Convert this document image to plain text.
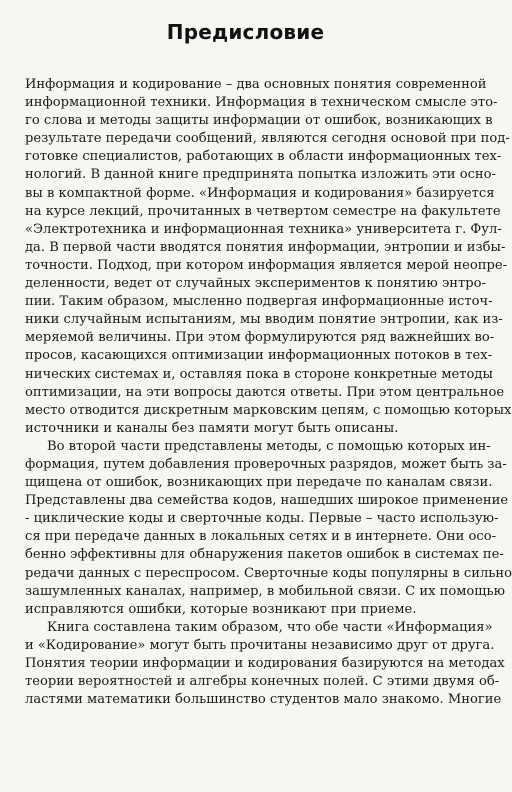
Предисловие
Информация и кодирование – два основных понятия современной
информационной техники. Информация в техническом смысле это-
го слова и методы защиты информации от ошибок, возникающих в
результате передачи сообщений, являются сегодня основой при под-
готовке специалистов, работающих в области информационных тех-
нологий. В данной книге предпринята попытка изложить эти осно-
вы в компактной форме. «Информация и кодирования» базируется
на курсе лекций, прочитанных в четвертом семестре на факультете
«Электротехника и информационная техника» университета г. Фул-
да. В первой части вводятся понятия информации, энтропии и избы-
точности. Подход, при котором информация является мерой неопре-
деленности, ведет от случайных экспериментов к понятию энтро-
пии. Таким образом, мысленно подвергая информационные источ-
ники случайным испытаниям, мы вводим понятие энтропии, как из-
меряемой величины. При этом формулируются ряд важнейших во-
просов, касающихся оптимизации информационных потоков в тех-
нических системах и, оставляя пока в стороне конкретные методы
оптимизации, на эти вопросы даются ответы. При этом центральное
место отводится дискретным марковским цепям, с помощью которых
источники и каналы без памяти могут быть описаны.
Во второй части представлены методы, с помощью которых ин-
формация, путем добавления проверочных разрядов, может быть за-
щищена от ошибок, возникающих при передаче по каналам связи.
Представлены два семейства кодов, нашедших широкое применение
- циклические коды и сверточные коды. Первые – часто использую-
ся при передаче данных в локальных сетях и в интернете. Они осо-
бенно эффективны для обнаружения пакетов ошибок в системах пе-
редачи данных с переспросом. Сверточные коды популярны в сильно
зашумленных каналах, например, в мобильной связи. С их помощью
исправляются ошибки, которые возникают при приеме.
Книга составлена таким образом, что обе части «Информация»
и «Кодирование» могут быть прочитаны независимо друг от друга.
Понятия теории информации и кодирования базируются на методах
теории вероятностей и алгебры конечных полей. С этими двумя об-
ластями математики большинство студентов мало знакомо. Многие
